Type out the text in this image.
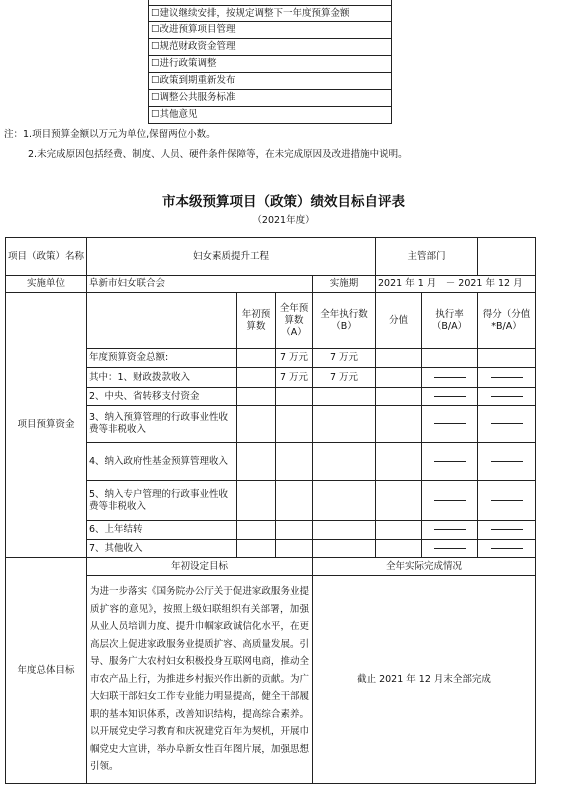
☐建议继续安排，按规定调整下一年度预算金额
☐改进预算项目管理
☐规范财政资金管理
☐进行政策调整
☐政策到期重新发布
☐调整公共服务标准
☐其他意见
注：1.项目预算金额以万元为单位,保留两位小数。
2.未完成原因包括经费、制度、人员、硬件条件保障等，在未完成原因及改进措施中说明。
市本级预算项目（政策）绩效目标自评表
（2021年度）
项目（政策）名称	妇女素质提升工程				主管部门		
实施单位	阜新市妇女联合会			实施期	2021 年 1 月　－ 2021 年 12 月		
项目预算资金		年初预算数	全年预算数（A）	全年执行数（B）	分值	执行率（B/A）	得分（分值*B/A）
	年度预算资金总额:		7 万元	7 万元			
	其中：1、财政拨款收入		7 万元	7 万元			
	2、中央、省转移支付资金						
	3、纳入预算管理的行政事业性收费等非税收入						
	4、纳入政府性基金预算管理收入						
	5、纳入专户管理的行政事业性收费等非税收入						
	6、上年结转						
	7、其他收入						
年度总体目标	年初设定目标			全年实际完成情况			
	为进一步落实《国务院办公厅关于促进家政服务业提质扩容的意见》，按照上级妇联组织有关部署，加强从业人员培训力度、提升巾帼家政诚信化水平，在更高层次上促进家政服务业提质扩容、高质量发展。引导、服务广大农村妇女积极投身互联网电商，推动全市农产品上行，为推进乡村振兴作出新的贡献。为广大妇联干部妇女工作专业能力明显提高，健全干部履职的基本知识体系，改善知识结构，提高综合素养。以开展党史学习教育和庆祝建党百年为契机，开展巾帼党史大宣讲，举办阜新女性百年图片展，加强思想引领。			截止 2021 年 12 月末全部完成			
